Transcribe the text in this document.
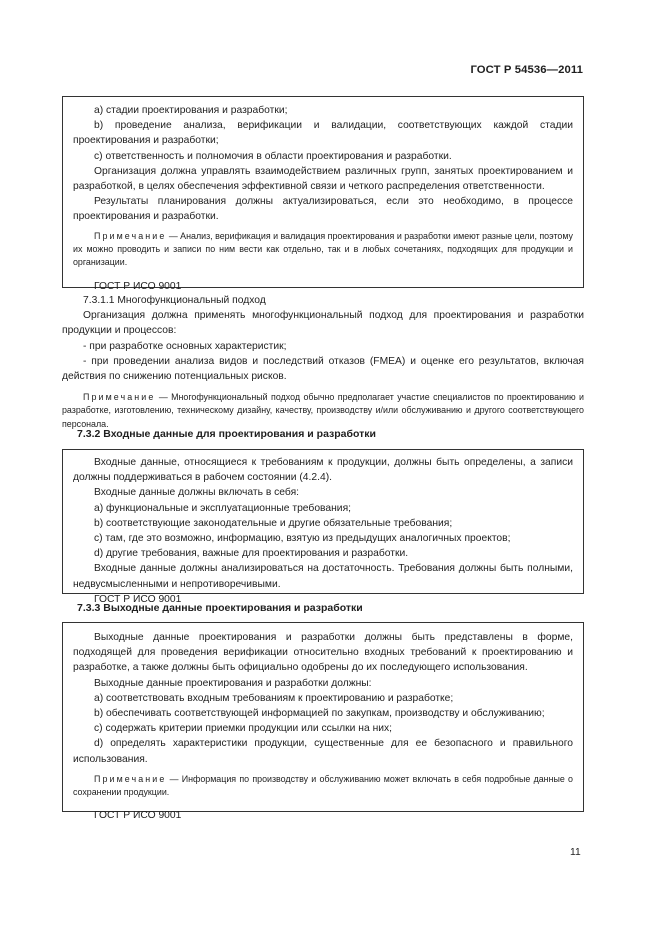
ГОСТ Р 54536—2011

a) стадии проектирования и разработки;

b) проведение анализа, верификации и валидации, соответствующих каждой стадии проектирования и разработки;

c) ответственность и полномочия в области проектирования и разработки.

Организация должна управлять взаимодействием различных групп, занятых проектированием и разработкой, в целях обеспечения эффективной связи и четкого распределения ответственности.

Результаты планирования должны актуализироваться, если это необходимо, в процессе проектирования и разработки.

Примечание — Анализ, верификация и валидация проектирования и разработки имеют разные цели, поэтому их можно проводить и записи по ним вести как отдельно, так и в любых сочетаниях, подходящих для продукции и организации.

ГОСТ Р ИСО 9001

7.3.1.1 Многофункциональный подход

Организация должна применять многофункциональный подход для проектирования и разработки продукции и процессов:

- при разработке основных характеристик;

- при проведении анализа видов и последствий отказов (FMEA) и оценке его результатов, включая действия по снижению потенциальных рисков.

Примечание — Многофункциональный подход обычно предполагает участие специалистов по проектированию и разработке, изготовлению, техническому дизайну, качеству, производству и/или обслуживанию и другого соответствующего персонала.

7.3.2 Входные данные для проектирования и разработки

Входные данные, относящиеся к требованиям к продукции, должны быть определены, а записи должны поддерживаться в рабочем состоянии (4.2.4).

Входные данные должны включать в себя:

a) функциональные и эксплуатационные требования;

b) соответствующие законодательные и другие обязательные требования;

c) там, где это возможно, информацию, взятую из предыдущих аналогичных проектов;

d) другие требования, важные для проектирования и разработки.

Входные данные должны анализироваться на достаточность. Требования должны быть полными, недвусмысленными и непротиворечивыми.

ГОСТ Р ИСО 9001

7.3.3 Выходные данные проектирования и разработки

Выходные данные проектирования и разработки должны быть представлены в форме, подходящей для проведения верификации относительно входных требований к проектированию и разработке, а также должны быть официально одобрены до их последующего использования.

Выходные данные проектирования и разработки должны:

a) соответствовать входным требованиям к проектированию и разработке;

b) обеспечивать соответствующей информацией по закупкам, производству и обслуживанию;

c) содержать критерии приемки продукции или ссылки на них;

d) определять характеристики продукции, существенные для ее безопасного и правильного использования.

Примечание — Информация по производству и обслуживанию может включать в себя подробные данные о сохранении продукции.

ГОСТ Р ИСО 9001

11
